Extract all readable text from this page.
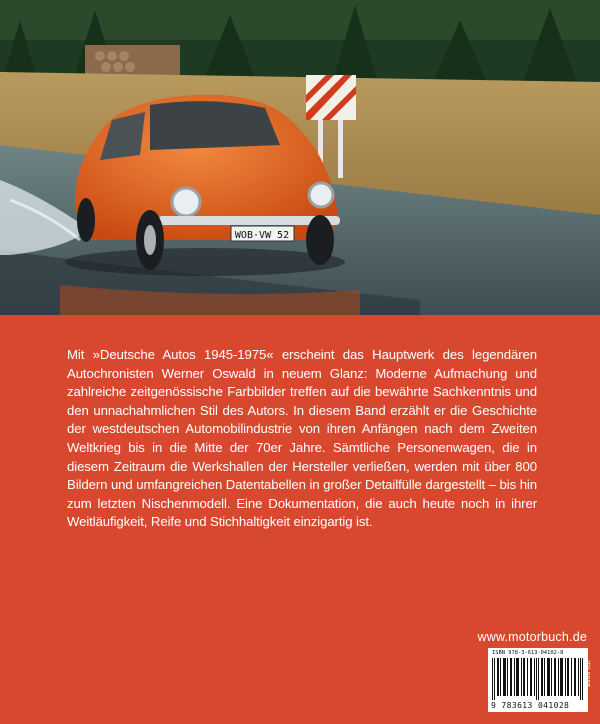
WOB·VW 52
Mit »Deutsche Autos 1945-1975« erscheint das Hauptwerk des legendären Autochronisten Werner Oswald in neuem Glanz: Moderne Aufmachung und zahlreiche zeitgenössische Farbbilder treffen auf die bewährte Sachkenntnis und den unnachahmlichen Stil des Autors. In diesem Band erzählt er die Geschichte der westdeutschen Automobilindustrie von ihren Anfängen nach dem Zweiten Weltkrieg bis in die Mitte der 70er Jahre. Sämtliche Personenwagen, die in diesem Zeitraum die Werkshallen der Hersteller verließen, werden mit über 800 Bildern und umfangreichen Datentabellen in großer Detailfülle dargestellt – bis hin zum letzten Nischenmodell. Eine Dokumentation, die auch heute noch in ihrer Weitläufigkeit, Reife und Stichhaltigkeit einzigartig ist.
www.motorbuch.de
ISBN 978-3-613-04102-8
9 783613 041028
(D) 9995
